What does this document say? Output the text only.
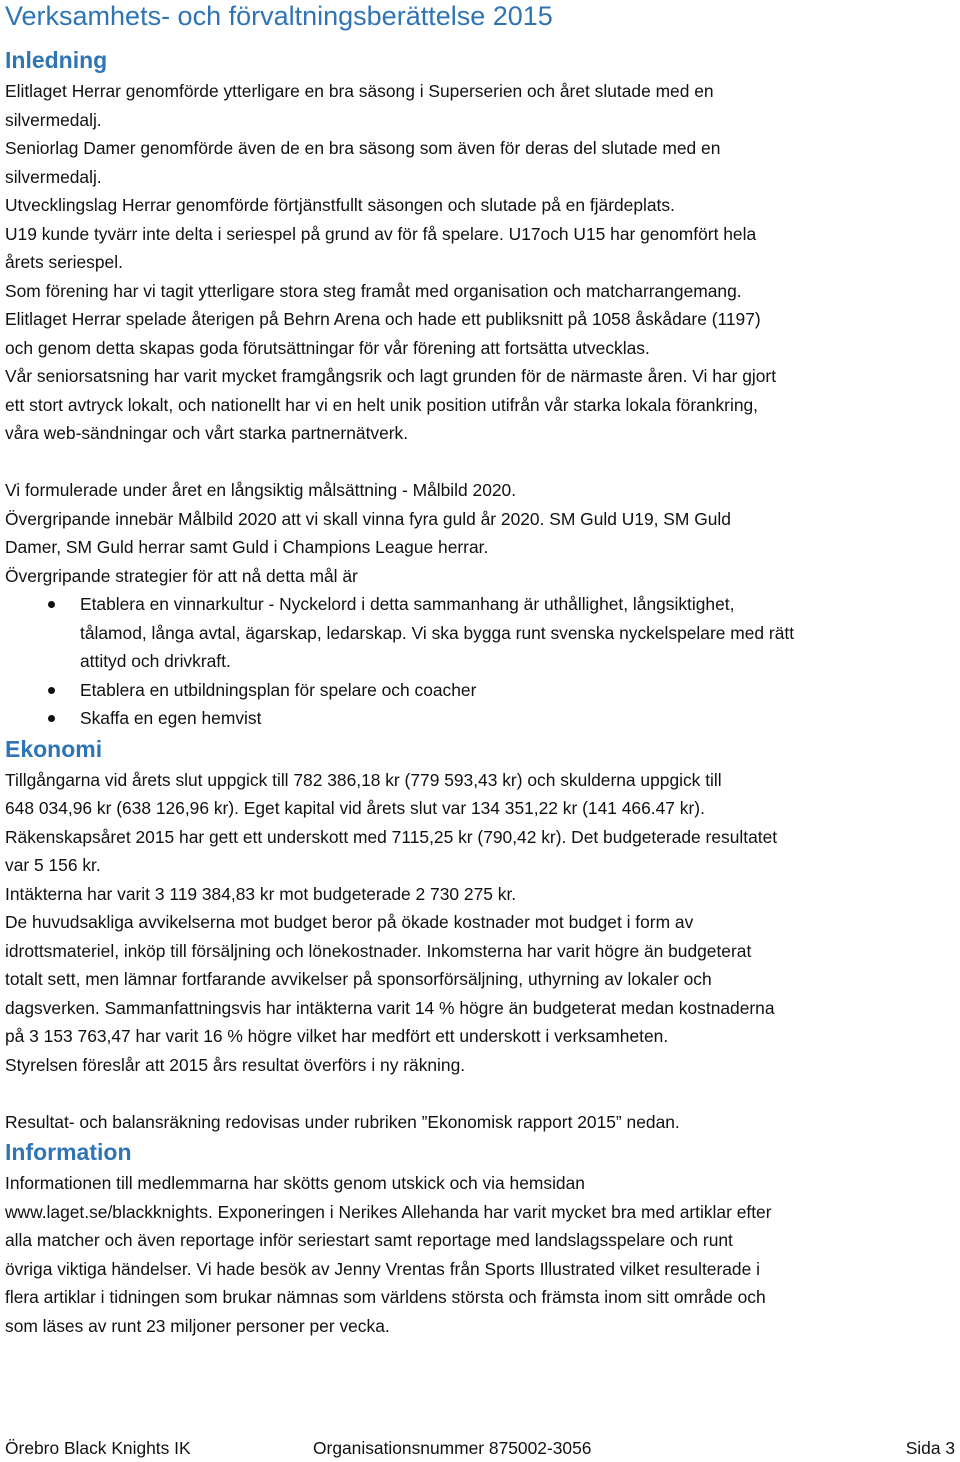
Verksamhets- och förvaltningsberättelse 2015
Inledning

Elitlaget Herrar genomförde ytterligare en bra säsong i Superserien och året slutade med en

silvermedalj.

Seniorlag Damer genomförde även de en bra säsong som även för deras del slutade med en

silvermedalj.

Utvecklingslag Herrar genomförde förtjänstfullt säsongen och slutade på en fjärdeplats.

U19 kunde tyvärr inte delta i seriespel på grund av för få spelare. U17och U15 har genomfört hela

årets seriespel.

Som förening har vi tagit ytterligare stora steg framåt med organisation och matcharrangemang.

Elitlaget Herrar spelade återigen på Behrn Arena och hade ett publiksnitt på 1058 åskådare (1197)

och genom detta skapas goda förutsättningar för vår förening att fortsätta utvecklas.

Vår seniorsatsning har varit mycket framgångsrik och lagt grunden för de närmaste åren. Vi har gjort

ett stort avtryck lokalt, och nationellt har vi en helt unik position utifrån vår starka lokala förankring,

våra web-sändningar och vårt starka partnernätverk.

Vi formulerade under året en långsiktig målsättning - Målbild 2020.

Övergripande innebär Målbild 2020 att vi skall vinna fyra guld år 2020. SM Guld U19, SM Guld

Damer, SM Guld herrar samt Guld i Champions League herrar.

Övergripande strategier för att nå detta mål är

Etablera en vinnarkultur - Nyckelord i detta sammanhang är uthållighet, långsiktighet,
tålamod, långa avtal, ägarskap, ledarskap. Vi ska bygga runt svenska nyckelspelare med rätt
attityd och drivkraft.
Etablera en utbildningsplan för spelare och coacher
Skaffa en egen hemvist
Ekonomi

Tillgångarna vid årets slut uppgick till 782 386,18 kr (779 593,43 kr) och skulderna uppgick till

648 034,96 kr (638 126,96 kr). Eget kapital vid årets slut var 134 351,22 kr (141 466.47 kr).

Räkenskapsåret 2015 har gett ett underskott med 7115,25 kr (790,42 kr). Det budgeterade resultatet

var 5 156 kr.

Intäkterna har varit 3 119 384,83 kr mot budgeterade 2 730 275 kr.

De huvudsakliga avvikelserna mot budget beror på ökade kostnader mot budget i form av

idrottsmateriel, inköp till försäljning och lönekostnader. Inkomsterna har varit högre än budgeterat

totalt sett, men lämnar fortfarande avvikelser på sponsorförsäljning, uthyrning av lokaler och

dagsverken. Sammanfattningsvis har intäkterna varit 14 % högre än budgeterat medan kostnaderna

på 3 153 763,47 har varit 16 % högre vilket har medfört ett underskott i verksamheten.

Styrelsen föreslår att 2015 års resultat överförs i ny räkning.

Resultat- och balansräkning redovisas under rubriken ”Ekonomisk rapport 2015” nedan.

Information

Informationen till medlemmarna har skötts genom utskick och via hemsidan

www.laget.se/blackknights. Exponeringen i Nerikes Allehanda har varit mycket bra med artiklar efter

alla matcher och även reportage inför seriestart samt reportage med landslagsspelare och runt

övriga viktiga händelser. Vi hade besök av Jenny Vrentas från Sports Illustrated vilket resulterade i

flera artiklar i tidningen som brukar nämnas som världens största och främsta inom sitt område och

som läses av runt 23 miljoner personer per vecka.

Örebro Black Knights IK	Organisationsnummer 875002-3056	Sida 3
